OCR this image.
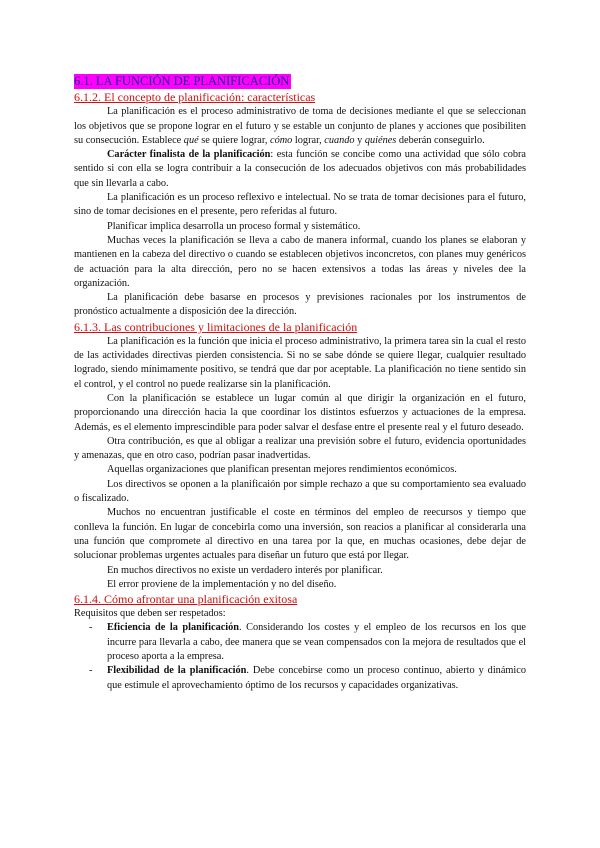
6.1. LA FUNCIÓN DE PLANIFICACIÓN
6.1.2. El concepto de planificación: características

La planificación es el proceso administrativo de toma de decisiones mediante el que se seleccionan los objetivos que se propone lograr en el futuro y se estable un conjunto de planes y acciones que posibiliten su consecución. Establece qué se quiere lograr, cómo lograr, cuando y quiénes deberán conseguirlo.

Carácter finalista de la planificación: esta función se concibe como una actividad que sólo cobra sentido si con ella se logra contribuir a la consecución de los adecuados objetivos con más probabilidades que sin llevarla a cabo.

La planificación es un proceso reflexivo e intelectual. No se trata de tomar decisiones para el futuro, sino de tomar decisiones en el presente, pero referidas al futuro.

Planificar implica desarrolla un proceso formal y sistemático.

Muchas veces la planificación se lleva a cabo de manera informal, cuando los planes se elaboran y mantienen en la cabeza del directivo o cuando se establecen objetivos inconcretos, con planes muy genéricos de actuación para la alta dirección, pero no se hacen extensivos a todas las áreas y niveles dee la organización.

La planificación debe basarse en procesos y previsiones racionales por los instrumentos de pronóstico actualmente a disposición dee la dirección.

6.1.3. Las contribuciones y limitaciones de la planificación

La planificación es la función que inicia el proceso administrativo, la primera tarea sin la cual el resto de las actividades directivas pierden consistencia. Si no se sabe dónde se quiere llegar, cualquier resultado logrado, siendo mínimamente positivo, se tendrá que dar por aceptable. La planificación no tiene sentido sin el control, y el control no puede realizarse sin la planificación.

Con la planificación se establece un lugar común al que dirigir la organización en el futuro, proporcionando una dirección hacia la que coordinar los distintos esfuerzos y actuaciones de la empresa. Además, es el elemento imprescindible para poder salvar el desfase entre el presente real y el futuro deseado.

Otra contribución, es que al obligar a realizar una previsión sobre el futuro, evidencia oportunidades y amenazas, que en otro caso, podrían pasar inadvertidas.

Aquellas organizaciones que planifican presentan mejores rendimientos económicos.

Los directivos se oponen a la planificaión por simple rechazo a que su comportamiento sea evaluado o fiscalizado.

Muchos no encuentran justificable el coste en términos del empleo de reecursos y tiempo que conlleva la función. En lugar de concebirla como una inversión, son reacios a planificar al considerarla una una función que compromete al directivo en una tarea por la que, en muchas ocasiones, debe dejar de solucionar problemas urgentes actuales para diseñar un futuro que está por llegar.

En muchos directivos no existe un verdadero interés por planificar.

El error proviene de la implementación y no del diseño.

6.1.4. Cómo afrontar una planificación exitosa

Requisitos que deben ser respetados:

- Eficiencia de la planificación. Considerando los costes y el empleo de los recursos en los que incurre para llevarla a cabo, dee manera que se vean compensados con la mejora de resultados que el proceso aporta a la empresa.
- Flexibilidad de la planificación. Debe concebirse como un proceso continuo, abierto y dinámico que estimule el aprovechamiento óptimo de los recursos y capacidades organizativas.
